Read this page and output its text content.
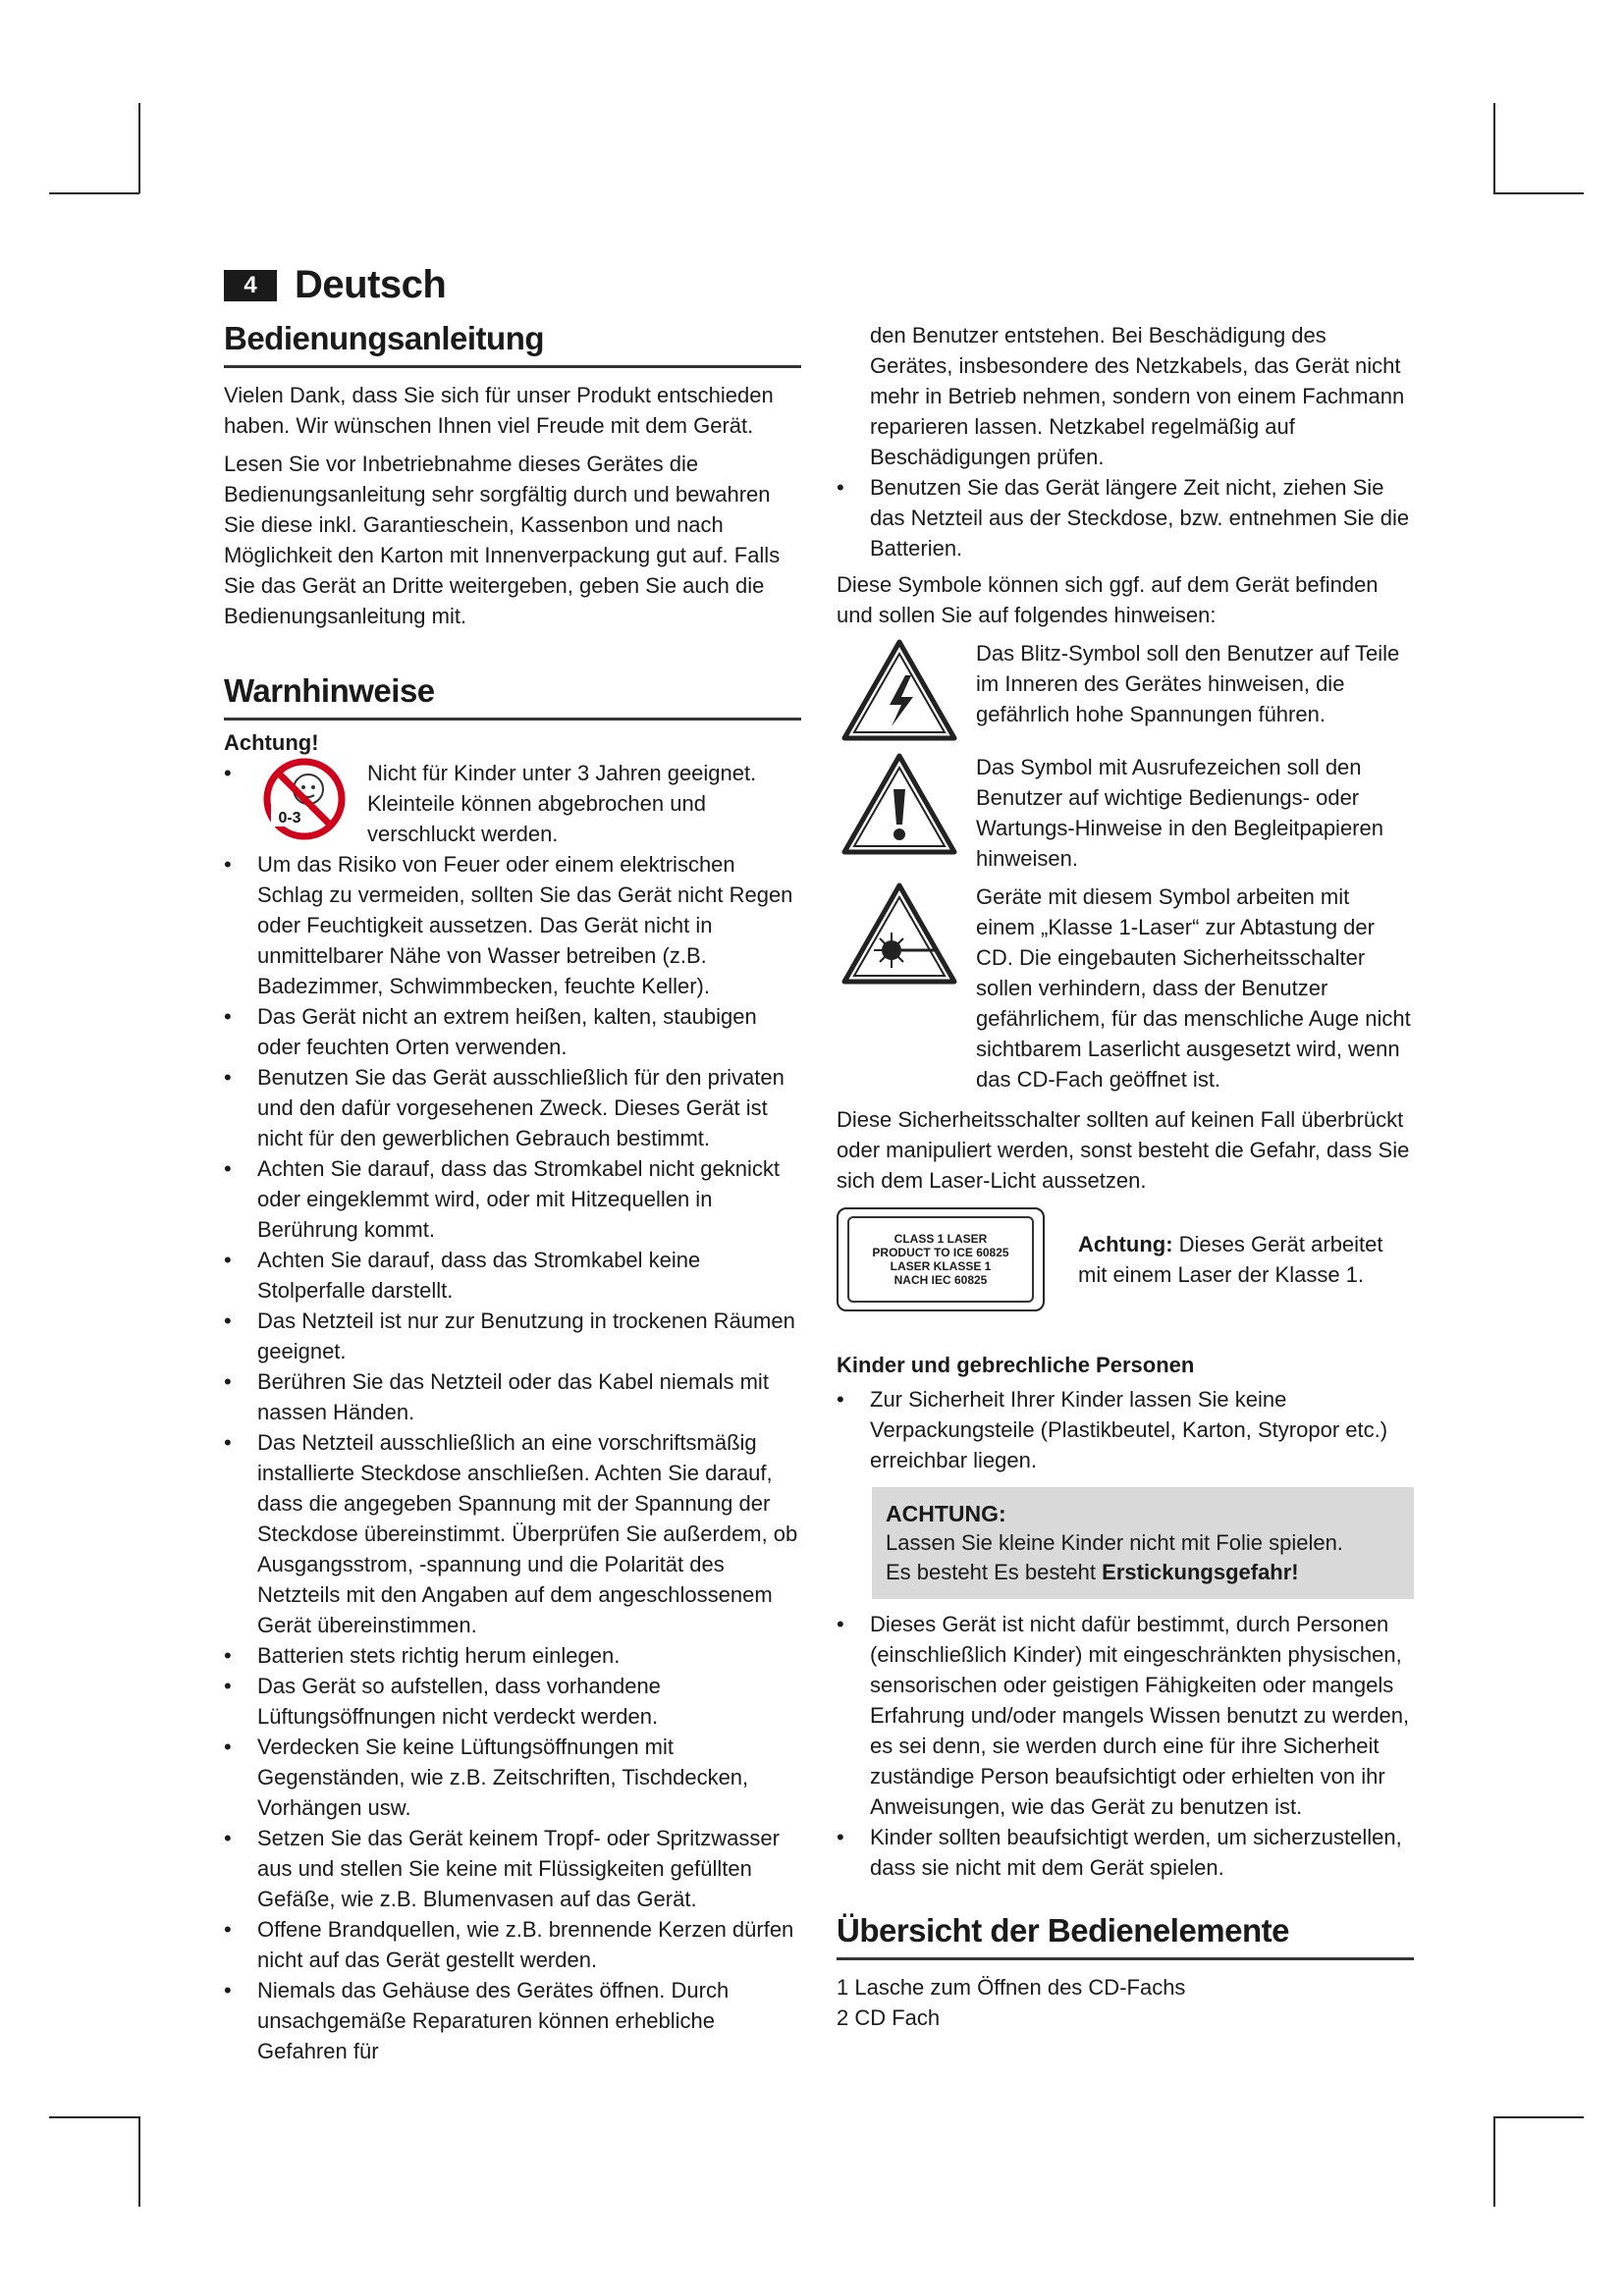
4 Deutsch
Bedienungsanleitung

Vielen Dank, dass Sie sich für unser Produkt entschieden haben. Wir wünschen Ihnen viel Freude mit dem Gerät.

Lesen Sie vor Inbetriebnahme dieses Gerätes die Bedienungsanleitung sehr sorgfältig durch und bewahren Sie diese inkl. Garantieschein, Kassenbon und nach Möglichkeit den Karton mit Innenverpackung gut auf. Falls Sie das Gerät an Dritte weitergeben, geben Sie auch die Bedienungsanleitung mit.

Warnhinweise
Achtung!
•
0-3
Nicht für Kinder unter 3 Jahren geeignet. Kleinteile können abgebrochen und verschluckt werden.
• Um das Risiko von Feuer oder einem elektrischen Schlag zu vermeiden, sollten Sie das Gerät nicht Regen oder Feuchtigkeit aussetzen. Das Gerät nicht in unmittelbarer Nähe von Wasser betreiben (z.B. Badezimmer, Schwimmbecken, feuchte Keller).
• Das Gerät nicht an extrem heißen, kalten, staubigen oder feuchten Orten verwenden.
• Benutzen Sie das Gerät ausschließlich für den privaten und den dafür vorgesehenen Zweck. Dieses Gerät ist nicht für den gewerblichen Gebrauch bestimmt.
• Achten Sie darauf, dass das Stromkabel nicht geknickt oder eingeklemmt wird, oder mit Hitzequellen in Berührung kommt.
• Achten Sie darauf, dass das Stromkabel keine Stolperfalle darstellt.
• Das Netzteil ist nur zur Benutzung in trockenen Räumen geeignet.
• Berühren Sie das Netzteil oder das Kabel niemals mit nassen Händen.
• Das Netzteil ausschließlich an eine vorschriftsmäßig installierte Steckdose anschließen. Achten Sie darauf, dass die angegeben Spannung mit der Spannung der Steckdose übereinstimmt. Überprüfen Sie außerdem, ob Ausgangsstrom, -spannung und die Polarität des Netzteils mit den Angaben auf dem angeschlossenem Gerät übereinstimmen.
• Batterien stets richtig herum einlegen.
• Das Gerät so aufstellen, dass vorhandene Lüftungsöffnungen nicht verdeckt werden.
• Verdecken Sie keine Lüftungsöffnungen mit Gegenständen, wie z.B. Zeitschriften, Tischdecken, Vorhängen usw.
• Setzen Sie das Gerät keinem Tropf- oder Spritzwasser aus und stellen Sie keine mit Flüssigkeiten gefüllten Gefäße, wie z.B. Blumenvasen auf das Gerät.
• Offene Brandquellen, wie z.B. brennende Kerzen dürfen nicht auf das Gerät gestellt werden.
• Niemals das Gehäuse des Gerätes öffnen. Durch unsachgemäße Reparaturen können erhebliche Gefahren für

den Benutzer entstehen. Bei Beschädigung des Gerätes, insbesondere des Netzkabels, das Gerät nicht mehr in Betrieb nehmen, sondern von einem Fachmann reparieren lassen. Netzkabel regelmäßig auf Beschädigungen prüfen.

• Benutzen Sie das Gerät längere Zeit nicht, ziehen Sie das Netzteil aus der Steckdose, bzw. entnehmen Sie die Batterien.

Diese Symbole können sich ggf. auf dem Gerät befinden und sollen Sie auf folgendes hinweisen:

Das Blitz-Symbol soll den Benutzer auf Teile im Inneren des Gerätes hinweisen, die gefährlich hohe Spannungen führen.

Das Symbol mit Ausrufezeichen soll den Benutzer auf wichtige Bedienungs- oder Wartungs-Hinweise in den Begleitpapieren hinweisen.

Geräte mit diesem Symbol arbeiten mit einem „Klasse 1-Laser“ zur Abtastung der CD. Die eingebauten Sicherheitsschalter sollen verhindern, dass der Benutzer gefährlichem, für das menschliche Auge nicht sichtbarem Laserlicht ausgesetzt wird, wenn das CD-Fach geöffnet ist.

Diese Sicherheitsschalter sollten auf keinen Fall überbrückt oder manipuliert werden, sonst besteht die Gefahr, dass Sie sich dem Laser-Licht aussetzen.

CLASS 1 LASER
PRODUCT TO ICE 60825
LASER KLASSE 1
NACH IEC 60825

Achtung: Dieses Gerät arbeitet mit einem Laser der Klasse 1.

Kinder und gebrechliche Personen
• Zur Sicherheit Ihrer Kinder lassen Sie keine Verpackungsteile (Plastikbeutel, Karton, Styropor etc.) erreichbar liegen.
ACHTUNG:
Lassen Sie kleine Kinder nicht mit Folie spielen.
Es besteht Es besteht Erstickungsgefahr!
• Dieses Gerät ist nicht dafür bestimmt, durch Personen (einschließlich Kinder) mit eingeschränkten physischen, sensorischen oder geistigen Fähigkeiten oder mangels Erfahrung und/oder mangels Wissen benutzt zu werden, es sei denn, sie werden durch eine für ihre Sicherheit zuständige Person beaufsichtigt oder erhielten von ihr Anweisungen, wie das Gerät zu benutzen ist.
• Kinder sollten beaufsichtigt werden, um sicherzustellen, dass sie nicht mit dem Gerät spielen.
Übersicht der Bedienelemente
1 Lasche zum Öffnen des CD-Fachs
2 CD Fach
